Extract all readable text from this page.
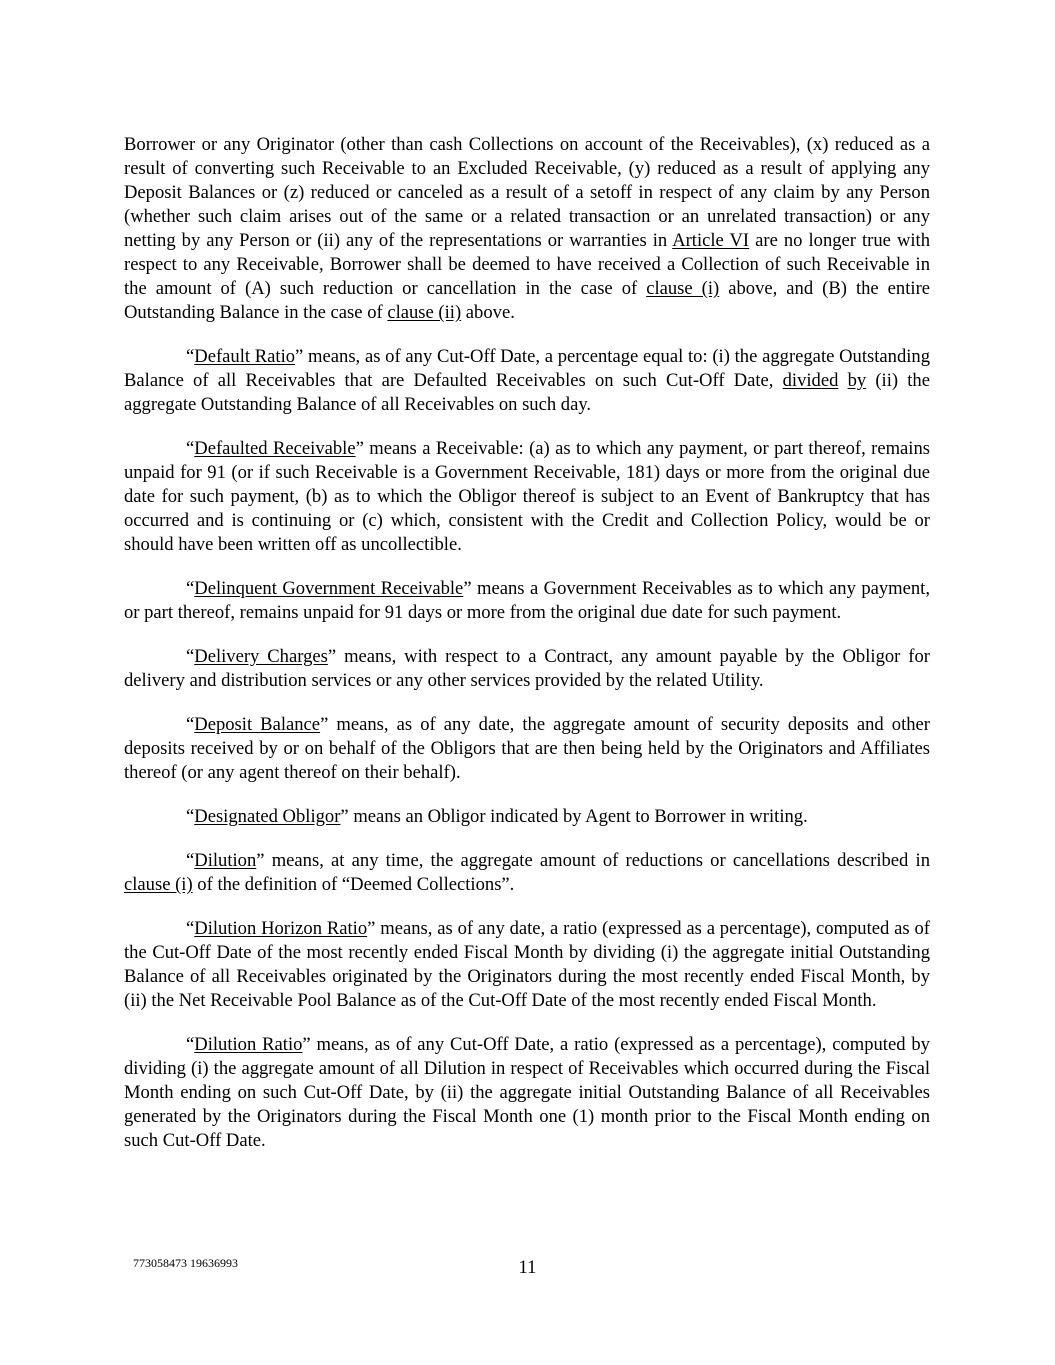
Borrower or any Originator (other than cash Collections on account of the Receivables), (x) reduced as a result of converting such Receivable to an Excluded Receivable, (y) reduced as a result of applying any Deposit Balances or (z) reduced or canceled as a result of a setoff in respect of any claim by any Person (whether such claim arises out of the same or a related transaction or an unrelated transaction) or any netting by any Person or (ii) any of the representations or warranties in Article VI are no longer true with respect to any Receivable, Borrower shall be deemed to have received a Collection of such Receivable in the amount of (A) such reduction or cancellation in the case of clause (i) above, and (B) the entire Outstanding Balance in the case of clause (ii) above.

“Default Ratio” means, as of any Cut-Off Date, a percentage equal to: (i) the aggregate Outstanding Balance of all Receivables that are Defaulted Receivables on such Cut-Off Date, divided by (ii) the aggregate Outstanding Balance of all Receivables on such day.

“Defaulted Receivable” means a Receivable: (a) as to which any payment, or part thereof, remains unpaid for 91 (or if such Receivable is a Government Receivable, 181) days or more from the original due date for such payment, (b) as to which the Obligor thereof is subject to an Event of Bankruptcy that has occurred and is continuing or (c) which, consistent with the Credit and Collection Policy, would be or should have been written off as uncollectible.

“Delinquent Government Receivable” means a Government Receivables as to which any payment, or part thereof, remains unpaid for 91 days or more from the original due date for such payment.

“Delivery Charges” means, with respect to a Contract, any amount payable by the Obligor for delivery and distribution services or any other services provided by the related Utility.

“Deposit Balance” means, as of any date, the aggregate amount of security deposits and other deposits received by or on behalf of the Obligors that are then being held by the Originators and Affiliates thereof (or any agent thereof on their behalf).

“Designated Obligor” means an Obligor indicated by Agent to Borrower in writing.

“Dilution” means, at any time, the aggregate amount of reductions or cancellations described in clause (i) of the definition of “Deemed Collections”.

“Dilution Horizon Ratio” means, as of any date, a ratio (expressed as a percentage), computed as of the Cut-Off Date of the most recently ended Fiscal Month by dividing (i) the aggregate initial Outstanding Balance of all Receivables originated by the Originators during the most recently ended Fiscal Month, by (ii) the Net Receivable Pool Balance as of the Cut-Off Date of the most recently ended Fiscal Month.

“Dilution Ratio” means, as of any Cut-Off Date, a ratio (expressed as a percentage), computed by dividing (i) the aggregate amount of all Dilution in respect of Receivables which occurred during the Fiscal Month ending on such Cut-Off Date, by (ii) the aggregate initial Outstanding Balance of all Receivables generated by the Originators during the Fiscal Month one (1) month prior to the Fiscal Month ending on such Cut-Off Date.

773058473 19636993	11
